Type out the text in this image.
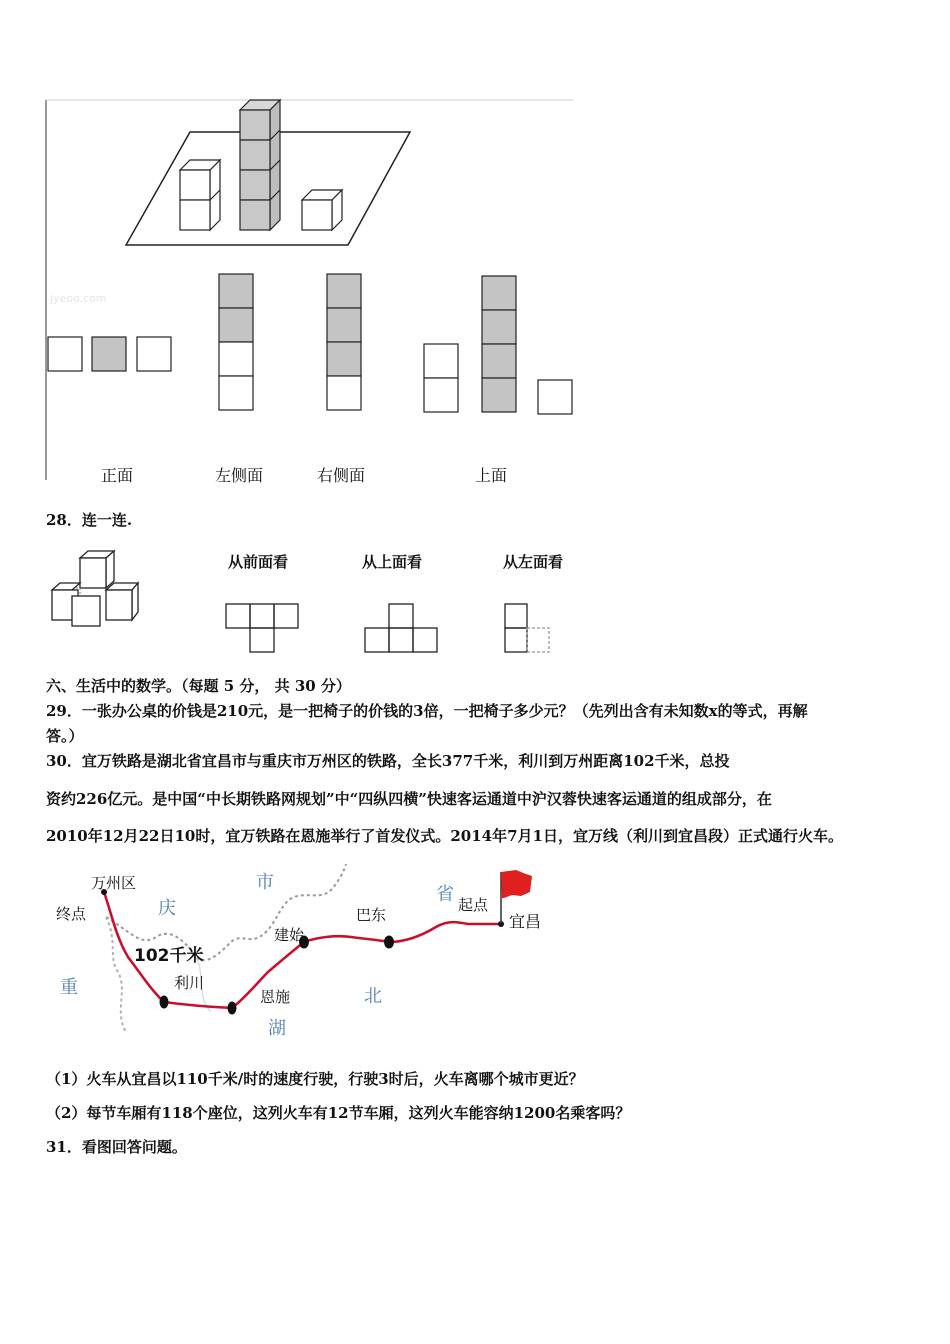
jyeoo.com
正面	左侧面	右侧面	上面
28．连一连.
从前面看	从上面看	从左面看
六、生活中的数学。（每题 5 分， 共 30 分）
29．一张办公桌的价钱是210元，是一把椅子的价钱的3倍，一把椅子多少元？（先列出含有未知数x的等式，再解
答。）
30．宜万铁路是湖北省宜昌市与重庆市万州区的铁路，全长377千米，利川到万州距离102千米，总投
资约226亿元。是中国“中长期铁路网规划”中“四纵四横”快速客运通道中沪汉蓉快速客运通道的组成部分，在
2010年12月22日10时，宜万铁路在恩施举行了首发仪式。2014年7月1日，宜万线（利川到宜昌段）正式通行火车。
万州区
终点	庆
市
省 起点
宜昌
巴东
建始
102千米
利川
恩施
重
湖
北
（1）火车从宜昌以110千米/时的速度行驶，行驶3时后，火车离哪个城市更近？
（2）每节车厢有118个座位，这列火车有12节车厢，这列火车能容纳1200名乘客吗？
31．看图回答问题。
